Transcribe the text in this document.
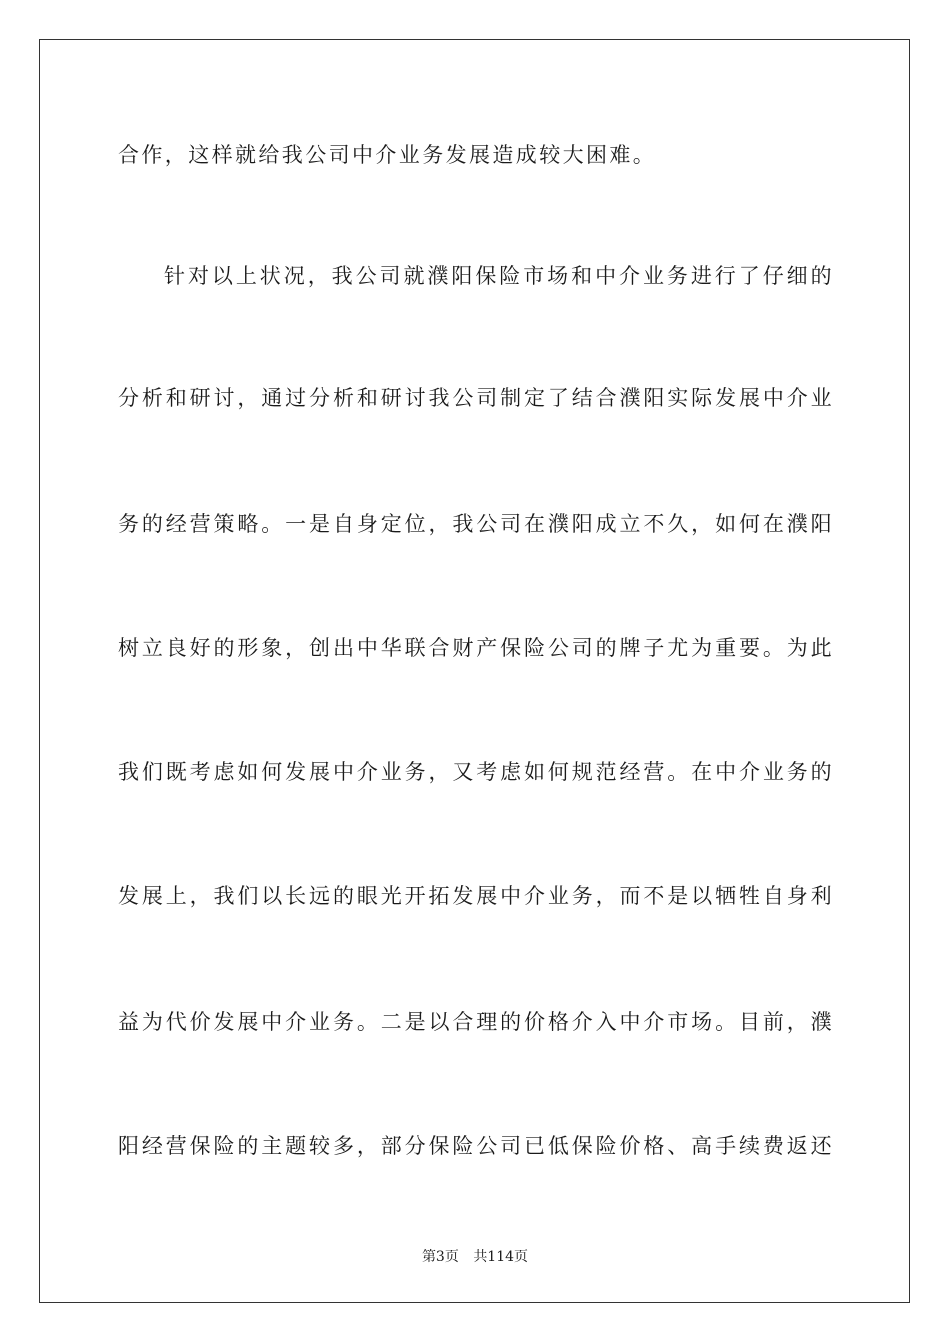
合作，这样就给我公司中介业务发展造成较大困难。
针对以上状况，我公司就濮阳保险市场和中介业务进行了仔细的
分析和研讨，通过分析和研讨我公司制定了结合濮阳实际发展中介业
务的经营策略。一是自身定位，我公司在濮阳成立不久，如何在濮阳
树立良好的形象，创出中华联合财产保险公司的牌子尤为重要。为此
我们既考虑如何发展中介业务，又考虑如何规范经营。在中介业务的
发展上，我们以长远的眼光开拓发展中介业务，而不是以牺牲自身利
益为代价发展中介业务。二是以合理的价格介入中介市场。目前，濮
阳经营保险的主题较多，部分保险公司已低保险价格、高手续费返还
第3页 共114页
